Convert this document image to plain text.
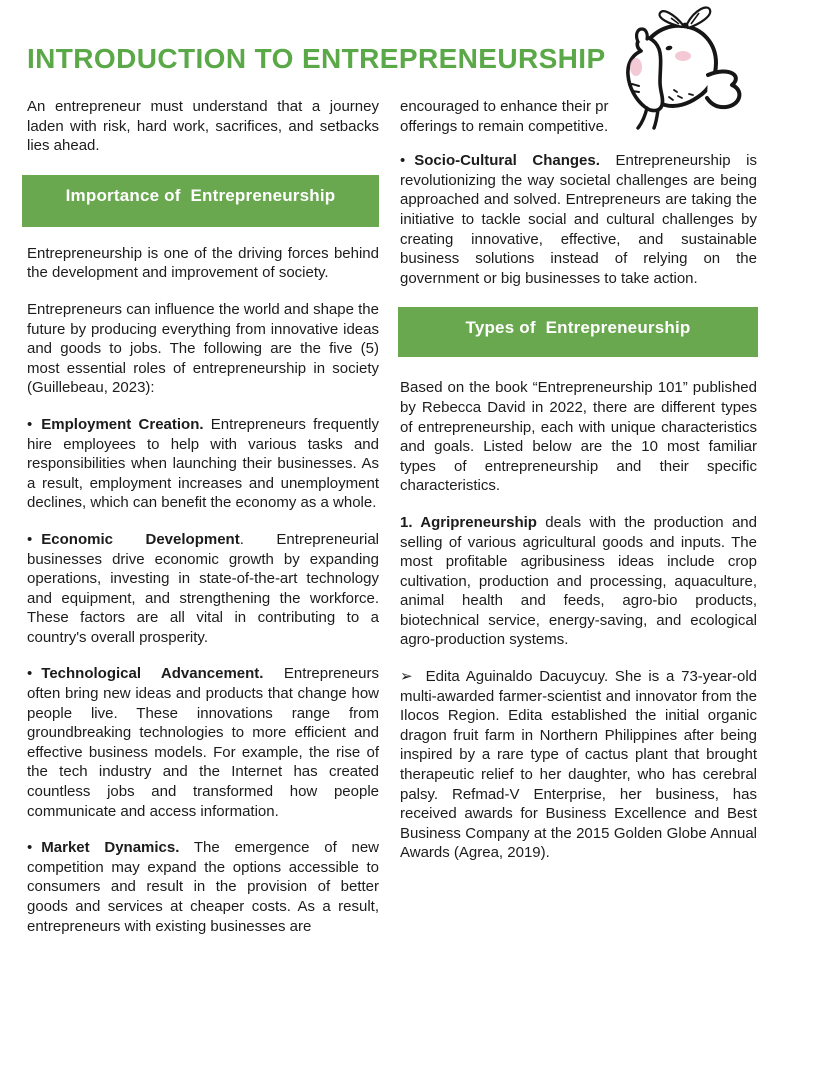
INTRODUCTION TO ENTREPRENEURSHIP

An entrepreneur must understand that a journey laden with risk, hard work, sacrifices, and setbacks lies ahead.

Importance of  Entrepreneurship

Entrepreneurship is one of the driving forces behind the development and improvement of society.

Entrepreneurs can influence the world and shape the future by producing everything from innovative ideas and goods to jobs. The following are the five (5) most essential roles of entrepreneurship in society (Guillebeau, 2023):

• Employment Creation. Entrepreneurs frequently hire employees to help with various tasks and responsibilities when launching their businesses. As a result, employment increases and unemployment declines, which can benefit the economy as a whole.

• Economic Development. Entrepreneurial businesses drive economic growth by expanding operations, investing in state-of-the-art technology and equipment, and strengthening the workforce. These factors are all vital in contributing to a country's overall prosperity.

• Technological Advancement. Entrepreneurs often bring new ideas and products that change how people live. These innovations range from groundbreaking technologies to more efficient and effective business models. For example, the rise of the tech industry and the Internet has created countless jobs and transformed how people communicate and access information.

• Market Dynamics. The emergence of new competition may expand the options accessible to consumers and result in the provision of better goods and services at cheaper costs. As a result, entrepreneurs with existing businesses are

encouraged to enhance their pr
offerings to remain competitive.

• Socio-Cultural Changes. Entrepreneurship is revolutionizing the way societal challenges are being approached and solved. Entrepreneurs are taking the initiative to tackle social and cultural challenges by creating innovative, effective, and sustainable business solutions instead of relying on the government or big businesses to take action.

Types of  Entrepreneurship

Based on the book “Entrepreneurship 101” published by Rebecca David in 2022, there are different types of entrepreneurship, each with unique characteristics and goals. Listed below are the 10 most familiar types of entrepreneurship and their specific characteristics.

1. Agripreneurship deals with the production and selling of various agricultural goods and inputs. The most profitable agribusiness ideas include crop cultivation, production and processing, aquaculture, animal health and feeds, agro-bio products, biotechnical service, energy-saving, and ecological agro-production systems.

➢ Edita Aguinaldo Dacuycuy. She is a 73-year-old multi-awarded farmer-scientist and innovator from the Ilocos Region. Edita established the initial organic dragon fruit farm in Northern Philippines after being inspired by a rare type of cactus plant that brought therapeutic relief to her daughter, who has cerebral palsy. Refmad-V Enterprise, her business, has received awards for Business Excellence and Best Business Company at the 2015 Golden Globe Annual Awards (Agrea, 2019).
